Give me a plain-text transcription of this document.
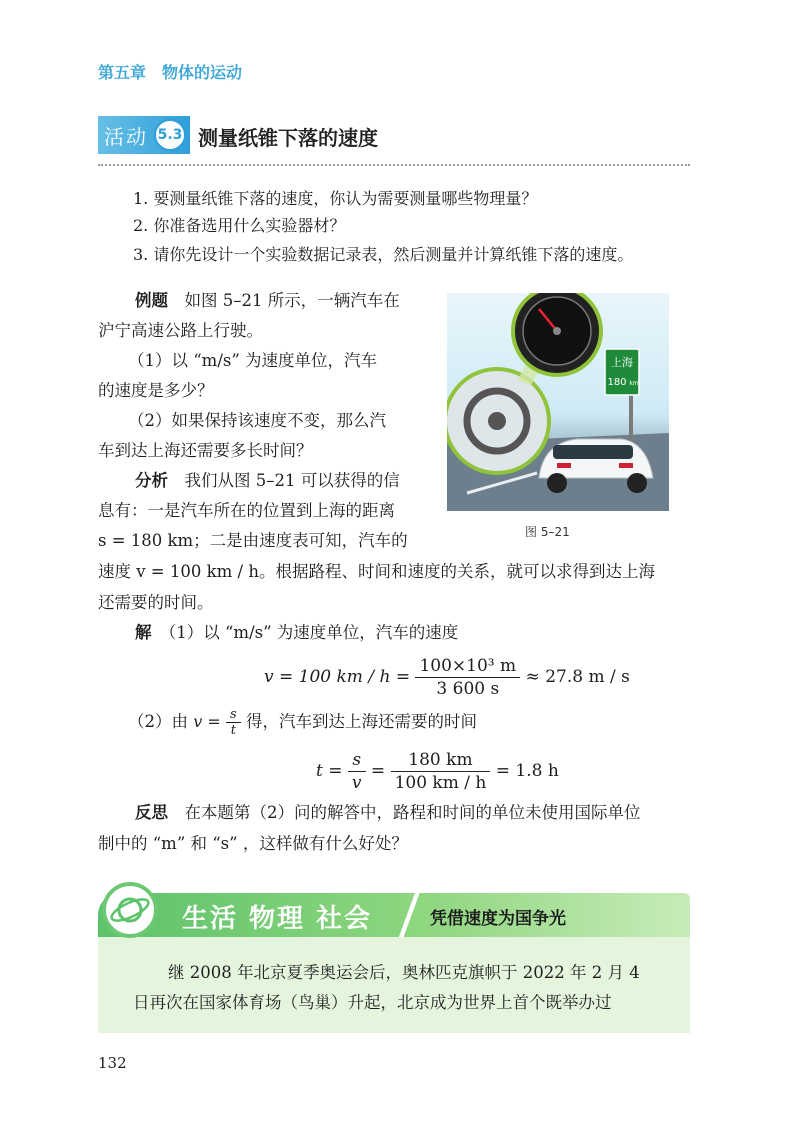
第五章　物体的运动
活动 5.3 测量纸锥下落的速度
1. 要测量纸锥下落的速度，你认为需要测量哪些物理量？
2. 你准备选用什么实验器材？
3. 请你先设计一个实验数据记录表，然后测量并计算纸锥下落的速度。
例题　 如图 5–21 所示，一辆汽车在
沪宁高速公路上行驶。
（1）以 “m/s” 为速度单位，汽车
的速度是多少？
（2）如果保持该速度不变，那么汽
车到达上海还需要多长时间？
分析　 我们从图 5–21 可以获得的信
息有：一是汽车所在的位置到上海的距离
s = 180 km；二是由速度表可知，汽车的
速度 v = 100 km / h。根据路程、时间和速度的关系，就可以求得到达上海
还需要的时间。
上海
180 km
图 5–21
解　 （1）以 “m/s” 为速度单位，汽车的速度
v = 100 km / $h = \frac{\text{100×10³ m}}{3 600 s} \approx 27.8$ m / s
（2）由 $v = \frac{s}{t}$ 得，汽车到达上海还需要的时间
$t = \frac{s}{v} = \frac{180 km}{100 km / h} = 1.8$ h
反思　 在本题第（2）问的解答中，路程和时间的单位未使用国际单位
制中的 “m” 和 “s” ，这样做有什么好处？
生活 物理 社会	凭借速度为国争光
继 2008 年北京夏季奥运会后，奥林匹克旗帜于 2022 年 2 月 4
日再次在国家体育场（鸟巢）升起，北京成为世界上首个既举办过
132
